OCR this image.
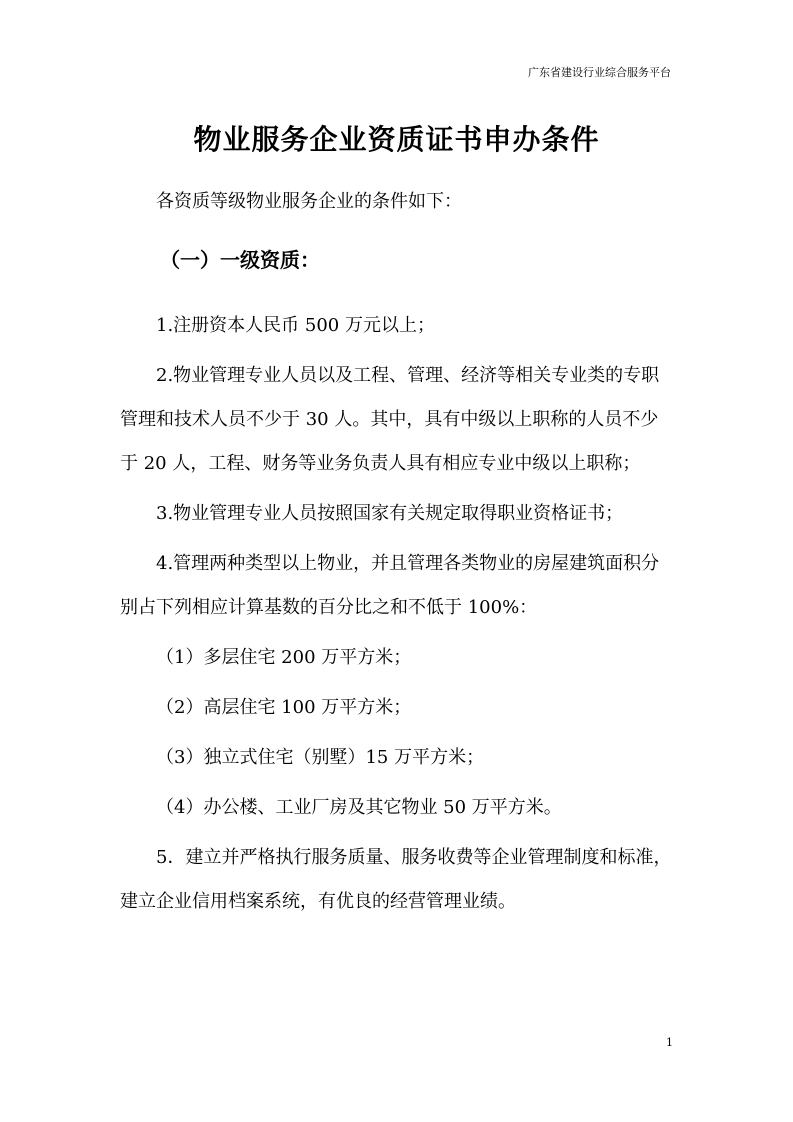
广东省建设行业综合服务平台
物业服务企业资质证书申办条件

各资质等级物业服务企业的条件如下：

（一）一级资质：

1.注册资本人民币 500 万元以上；

2.物业管理专业人员以及工程、管理、经济等相关专业类的专职管理和技术人员不少于 30 人。其中，具有中级以上职称的人员不少于 20 人，工程、财务等业务负责人具有相应专业中级以上职称；

3.物业管理专业人员按照国家有关规定取得职业资格证书；

4.管理两种类型以上物业，并且管理各类物业的房屋建筑面积分别占下列相应计算基数的百分比之和不低于 100%：

（1）多层住宅 200 万平方米；

（2）高层住宅 100 万平方米；

（3）独立式住宅（别墅）15 万平方米；

（4）办公楼、工业厂房及其它物业 50 万平方米。

5．建立并严格执行服务质量、服务收费等企业管理制度和标准，建立企业信用档案系统，有优良的经营管理业绩。

1
